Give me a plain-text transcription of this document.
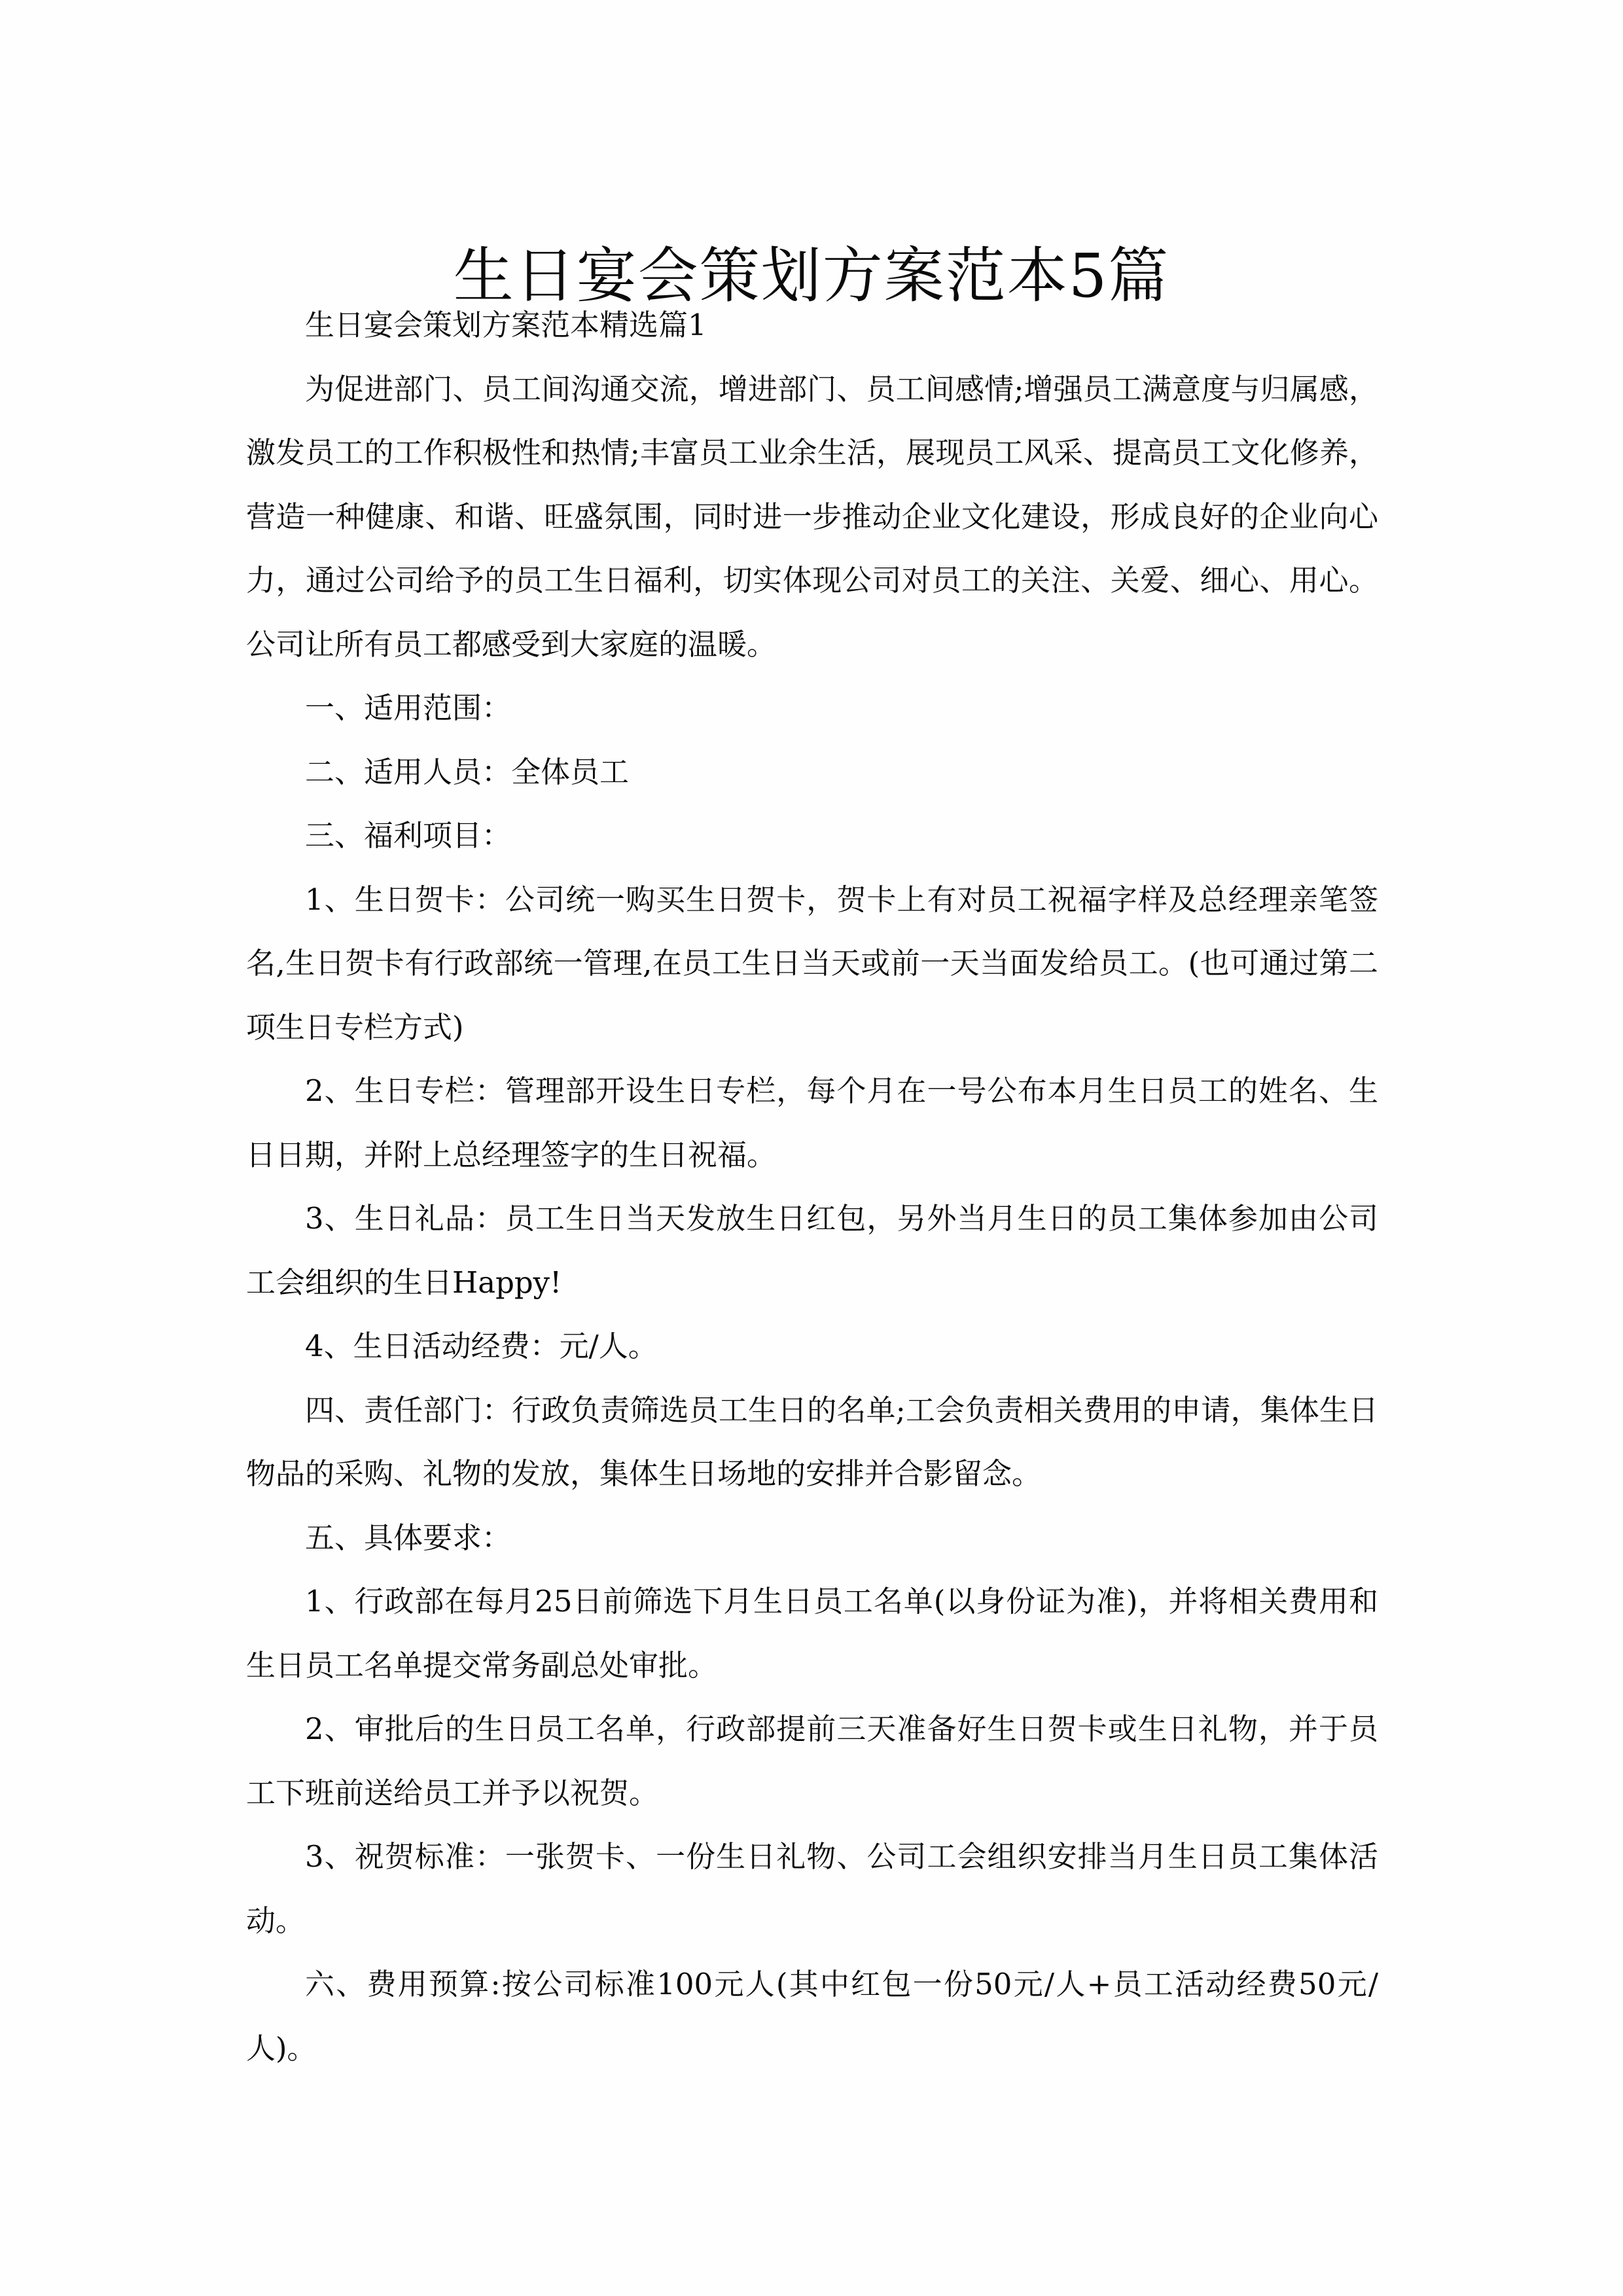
生日宴会策划方案范本5篇

生日宴会策划方案范本精选篇1

为促进部门、员工间沟通交流，增进部门、员工间感情;增强员工满意度与归属感，激发员工的工作积极性和热情;丰富员工业余生活，展现员工风采、提高员工文化修养，营造一种健康、和谐、旺盛氛围，同时进一步推动企业文化建设，形成良好的企业向心力，通过公司给予的员工生日福利，切实体现公司对员工的关注、关爱、细心、用心。公司让所有员工都感受到大家庭的温暖。

一、适用范围：

二、适用人员：全体员工

三、福利项目：

1、生日贺卡：公司统一购买生日贺卡，贺卡上有对员工祝福字样及总经理亲笔签名,生日贺卡有行政部统一管理,在员工生日当天或前一天当面发给员工。(也可通过第二项生日专栏方式)

2、生日专栏：管理部开设生日专栏，每个月在一号公布本月生日员工的姓名、生日日期，并附上总经理签字的生日祝福。

3、生日礼品：员工生日当天发放生日红包，另外当月生日的员工集体参加由公司工会组织的生日Happy!

4、生日活动经费：元/人。

四、责任部门：行政负责筛选员工生日的名单;工会负责相关费用的申请，集体生日物品的采购、礼物的发放，集体生日场地的安排并合影留念。

五、具体要求：

1、行政部在每月25日前筛选下月生日员工名单(以身份证为准)，并将相关费用和生日员工名单提交常务副总处审批。

2、审批后的生日员工名单，行政部提前三天准备好生日贺卡或生日礼物，并于员工下班前送给员工并予以祝贺。

3、祝贺标准：一张贺卡、一份生日礼物、公司工会组织安排当月生日员工集体活动。

六、费用预算:按公司标准100元人(其中红包一份50元/人+员工活动经费50元/人)。
